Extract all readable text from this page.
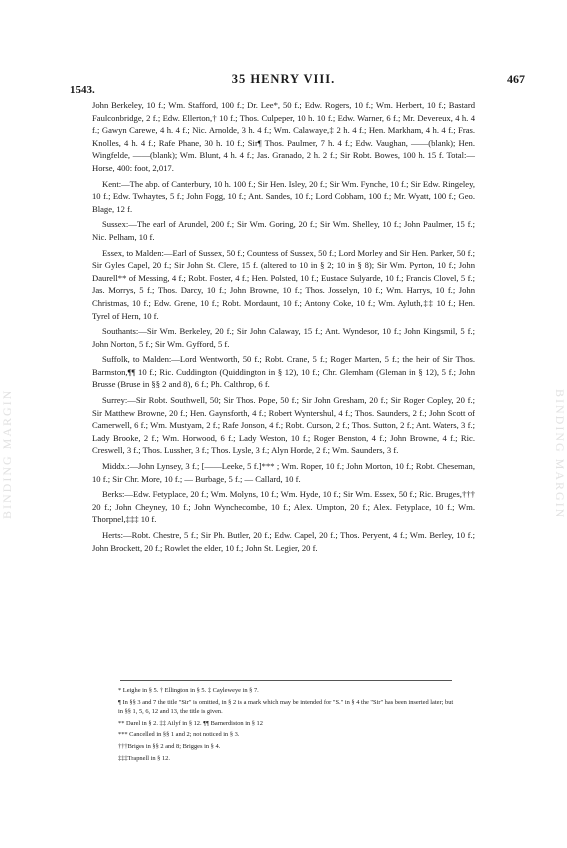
BINDING MARGIN	BINDING MARGIN
1543.
35 HENRY VIII.	467

John Berkeley, 10 f.; Wm. Stafford, 100 f.; Dr. Lee*, 50 f.; Edw. Rogers, 10 f.; Wm. Herbert, 10 f.; Bastard Faulconbridge, 2 f.; Edw. Ellerton,† 10 f.; Thos. Culpeper, 10 h. 10 f.; Edw. Warner, 6 f.; Mr. Devereux, 4 h. 4 f.; Gawyn Carewe, 4 h. 4 f.; Nic. Arnolde, 3 h. 4 f.; Wm. Calawaye,‡ 2 h. 4 f.; Hen. Markham, 4 h. 4 f.; Fras. Knolles, 4 h. 4 f.; Rafe Phane, 30 h. 10 f.; Sir¶ Thos. Paulmer, 7 h. 4 f.; Edw. Vaughan, ——(blank); Hen. Wingfelde, ——(blank); Wm. Blunt, 4 h. 4 f.; Jas. Granado, 2 h. 2 f.; Sir Robt. Bowes, 100 h. 15 f. Total:—Horse, 400: foot, 2,017.

Kent:—The abp. of Canterbury, 10 h. 100 f.; Sir Hen. Isley, 20 f.; Sir Wm. Fynche, 10 f.; Sir Edw. Ringeley, 10 f.; Edw. Twhaytes, 5 f.; John Fogg, 10 f.; Ant. Sandes, 10 f.; Lord Cobham, 100 f.; Mr. Wyatt, 100 f.; Geo. Blage, 12 f.

Sussex:—The earl of Arundel, 200 f.; Sir Wm. Goring, 20 f.; Sir Wm. Shelley, 10 f.; John Paulmer, 15 f.; Nic. Pelham, 10 f.

Essex, to Malden:—Earl of Sussex, 50 f.; Countess of Sussex, 50 f.; Lord Morley and Sir Hen. Parker, 50 f.; Sir Gyles Capel, 20 f.; Sir John St. Clere, 15 f. (altered to 10 in § 2; 10 in § 8); Sir Wm. Pyrton, 10 f.; John Daurell** of Messing, 4 f.; Robt. Foster, 4 f.; Hen. Polsted, 10 f.; Eustace Sulyarde, 10 f.; Francis Clovel, 5 f.; Jas. Morrys, 5 f.; Thos. Darcy, 10 f.; John Browne, 10 f.; Thos. Josselyn, 10 f.; Wm. Harrys, 10 f.; John Christmas, 10 f.; Edw. Grene, 10 f.; Robt. Mordaunt, 10 f.; Antony Coke, 10 f.; Wm. Ayluth,‡‡ 10 f.; Hen. Tyrel of Hern, 10 f.

Southants:—Sir Wm. Berkeley, 20 f.; Sir John Calaway, 15 f.; Ant. Wyndesor, 10 f.; John Kingsmil, 5 f.; John Norton, 5 f.; Sir Wm. Gyfford, 5 f.

Suffolk, to Malden:—Lord Wentworth, 50 f.; Robt. Crane, 5 f.; Roger Marten, 5 f.; the heir of Sir Thos. Barmston,¶¶ 10 f.; Ric. Cuddington (Quiddington in § 12), 10 f.; Chr. Glemham (Gleman in § 12), 5 f.; John Brusse (Bruse in §§ 2 and 8), 6 f.; Ph. Calthrop, 6 f.

Surrey:—Sir Robt. Southwell, 50; Sir Thos. Pope, 50 f.; Sir John Gresham, 20 f.; Sir Roger Copley, 20 f.; Sir Matthew Browne, 20 f.; Hen. Gaynsforth, 4 f.; Robert Wyntershul, 4 f.; Thos. Saunders, 2 f.; John Scott of Camerwell, 6 f.; Wm. Mustyam, 2 f.; Rafe Jonson, 4 f.; Robt. Curson, 2 f.; Thos. Sutton, 2 f.; Ant. Waters, 3 f.; Lady Brooke, 2 f.; Wm. Horwood, 6 f.; Lady Weston, 10 f.; Roger Benston, 4 f.; John Browne, 4 f.; Ric. Creswell, 3 f.; Thos. Lussher, 3 f.; Thos. Lysle, 3 f.; Alyn Horde, 2 f.; Wm. Saunders, 3 f.

Middx.:—John Lynsey, 3 f.; [——Leeke, 5 f.]*** ; Wm. Roper, 10 f.; John Morton, 10 f.; Robt. Cheseman, 10 f.; Sir Chr. More, 10 f.; — Burbage, 5 f.; — Callard, 10 f.

Berks:—Edw. Fetyplace, 20 f.; Wm. Molyns, 10 f.; Wm. Hyde, 10 f.; Sir Wm. Essex, 50 f.; Ric. Bruges,††† 20 f.; John Cheyney, 10 f.; John Wynchecombe, 10 f.; Alex. Umpton, 20 f.; Alex. Fetyplace, 10 f.; Wm. Thorpnel,‡‡‡ 10 f.

Herts:—Robt. Chestre, 5 f.; Sir Ph. Butler, 20 f.; Edw. Capel, 20 f.; Thos. Peryent, 4 f.; Wm. Berley, 10 f.; John Brockett, 20 f.; Rowlet the elder, 10 f.; John St. Legier, 20 f.

* Leighe in § 5. † Ellington in § 5. ‡ Cayleweye in § 7.

¶ In §§ 3 and 7 the title "Sir" is omitted, in § 2 is a mark which may be intended for "S." in § 4 the "Sir" has been inserted later; but in §§ 1, 5, 6, 12 and 13, the title is given.

** Darel in § 2. ‡‡ Ailyf in § 12. ¶¶ Barnerdiston in § 12

*** Cancelled in §§ 1 and 2; not noticed in § 3.

†††Briges in §§ 2 and 8; Brigges in § 4.

‡‡‡Trapnell in § 12.
